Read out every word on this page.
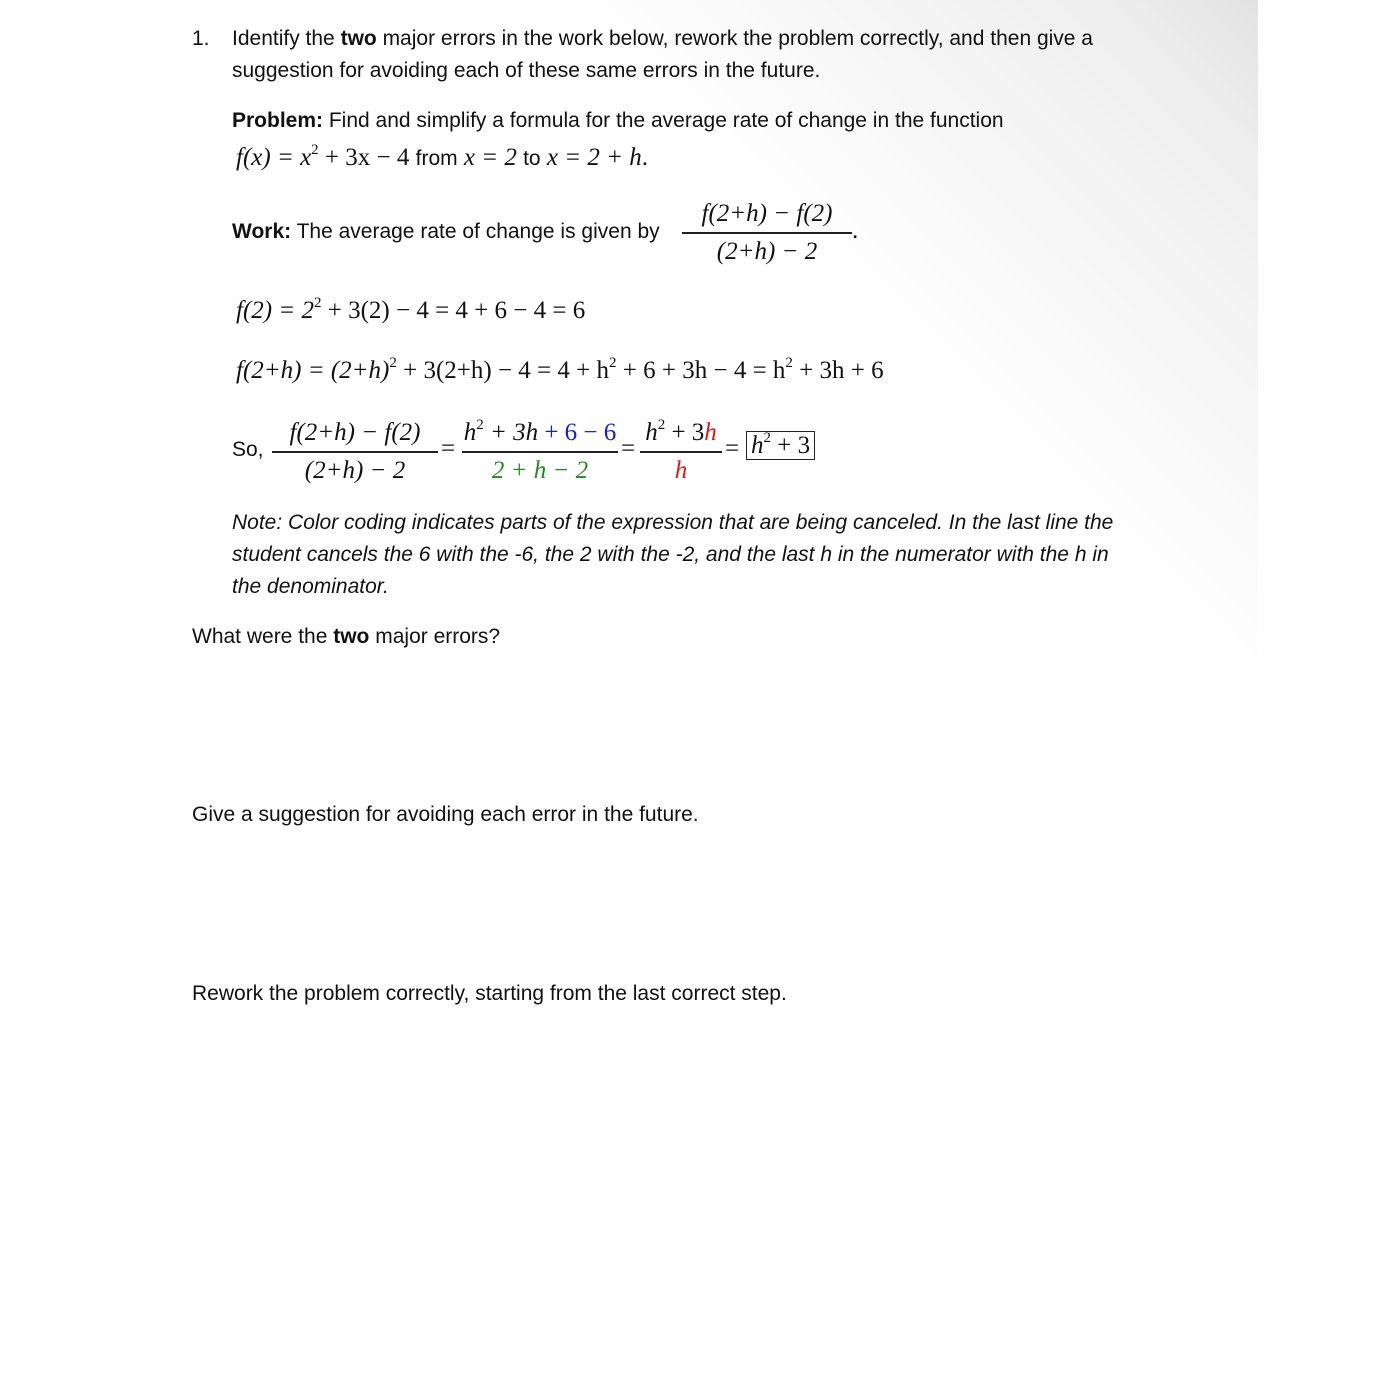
1. Identify the two major errors in the work below, rework the problem correctly, and then give a
suggestion for avoiding each of these same errors in the future.
Problem: Find and simplify a formula for the average rate of change in the function
$f(x) = x^2 + 3x - 4$ from x = 2 to x = 2 + h.
Work: The average rate of change is given by
f(2+h) − f(2)
(2+h) − 2
.
$f(2) = 2^2 + 3(2) - 4 = 4 + 6 - 4 = 6$
$f(2+h) = (2+h)^2 + 3(2+h) - 4 = 4 + h^2 + 6 + 3h - 4 = h^2 + 3h + 6$
So,
f(2+h) − f(2)
(2+h) − 2
=
$h^2 + 3h + 6 - 6$
2 + h − 2
=
$h^2 + 3h$
h
= $h^2 + 3$
Note: Color coding indicates parts of the expression that are being canceled. In the last line the
student cancels the 6 with the -6, the 2 with the -2, and the last h in the numerator with the h in
the denominator.
What were the two major errors?
Give a suggestion for avoiding each error in the future.
Rework the problem correctly, starting from the last correct step.
